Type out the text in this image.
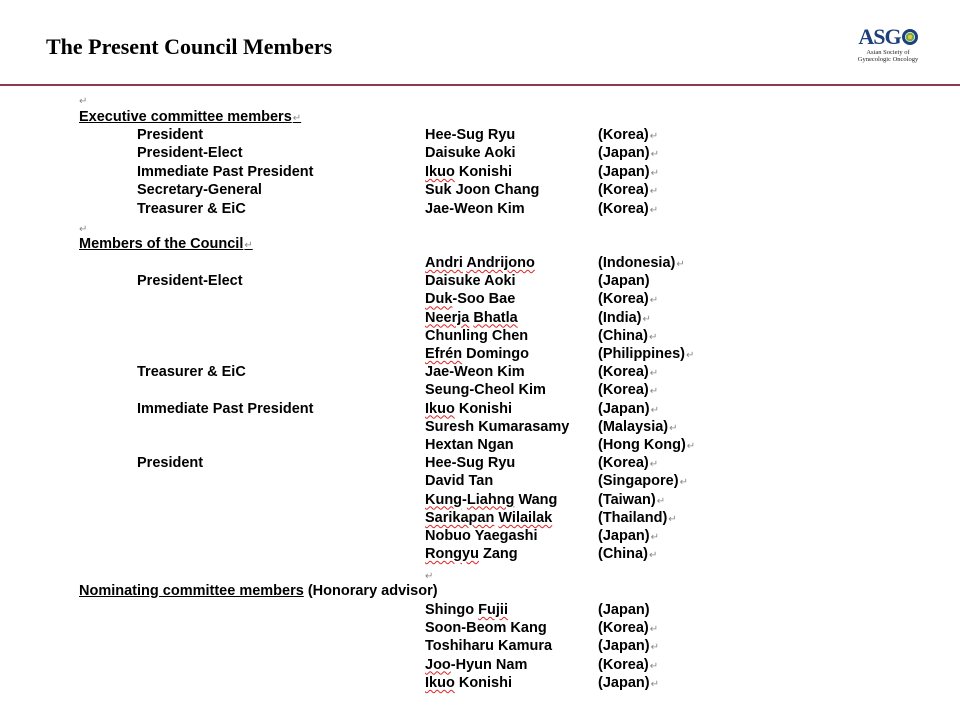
The Present Council Members	AS G
Asian Society of
Gynecologic Oncology
↵
Executive committee members↵
President	Hee-Sug Ryu	(Korea)↵
President-Elect	Daisuke Aoki	(Japan)↵
Immediate Past President	Ikuo Konishi	(Japan)↵
Secretary-General	Suk Joon Chang	(Korea)↵
Treasurer & EiC	Jae-Weon Kim	(Korea)↵
↵
Members of the Council↵
Andri Andrijono	(Indonesia)↵
President-Elect	Daisuke Aoki	(Japan)
Duk-Soo Bae	(Korea)↵
Neerja Bhatla	(India)↵
Chunling Chen	(China)↵
Efrén Domingo	(Philippines)↵
Treasurer & EiC	Jae-Weon Kim	(Korea)↵
Seung-Cheol Kim	(Korea)↵
Immediate Past President	Ikuo Konishi	(Japan)↵
Suresh Kumarasamy (Malaysia)↵
Hextan Ngan	(Hong Kong)↵
President	Hee-Sug Ryu	(Korea)↵
David Tan	(Singapore)↵
Kung-Liahng Wang	(Taiwan)↵
Sarikapan Wilailak	(Thailand)↵
Nobuo Yaegashi	(Japan)↵
Rongyu Zang	(China)↵
↵
Nominating committee members (Honorary advisor)
Shingo Fujii	(Japan)
Soon-Beom Kang	(Korea)↵
Toshiharu Kamura	(Japan)↵
Joo-Hyun Nam	(Korea)↵
Ikuo Konishi	(Japan)↵
